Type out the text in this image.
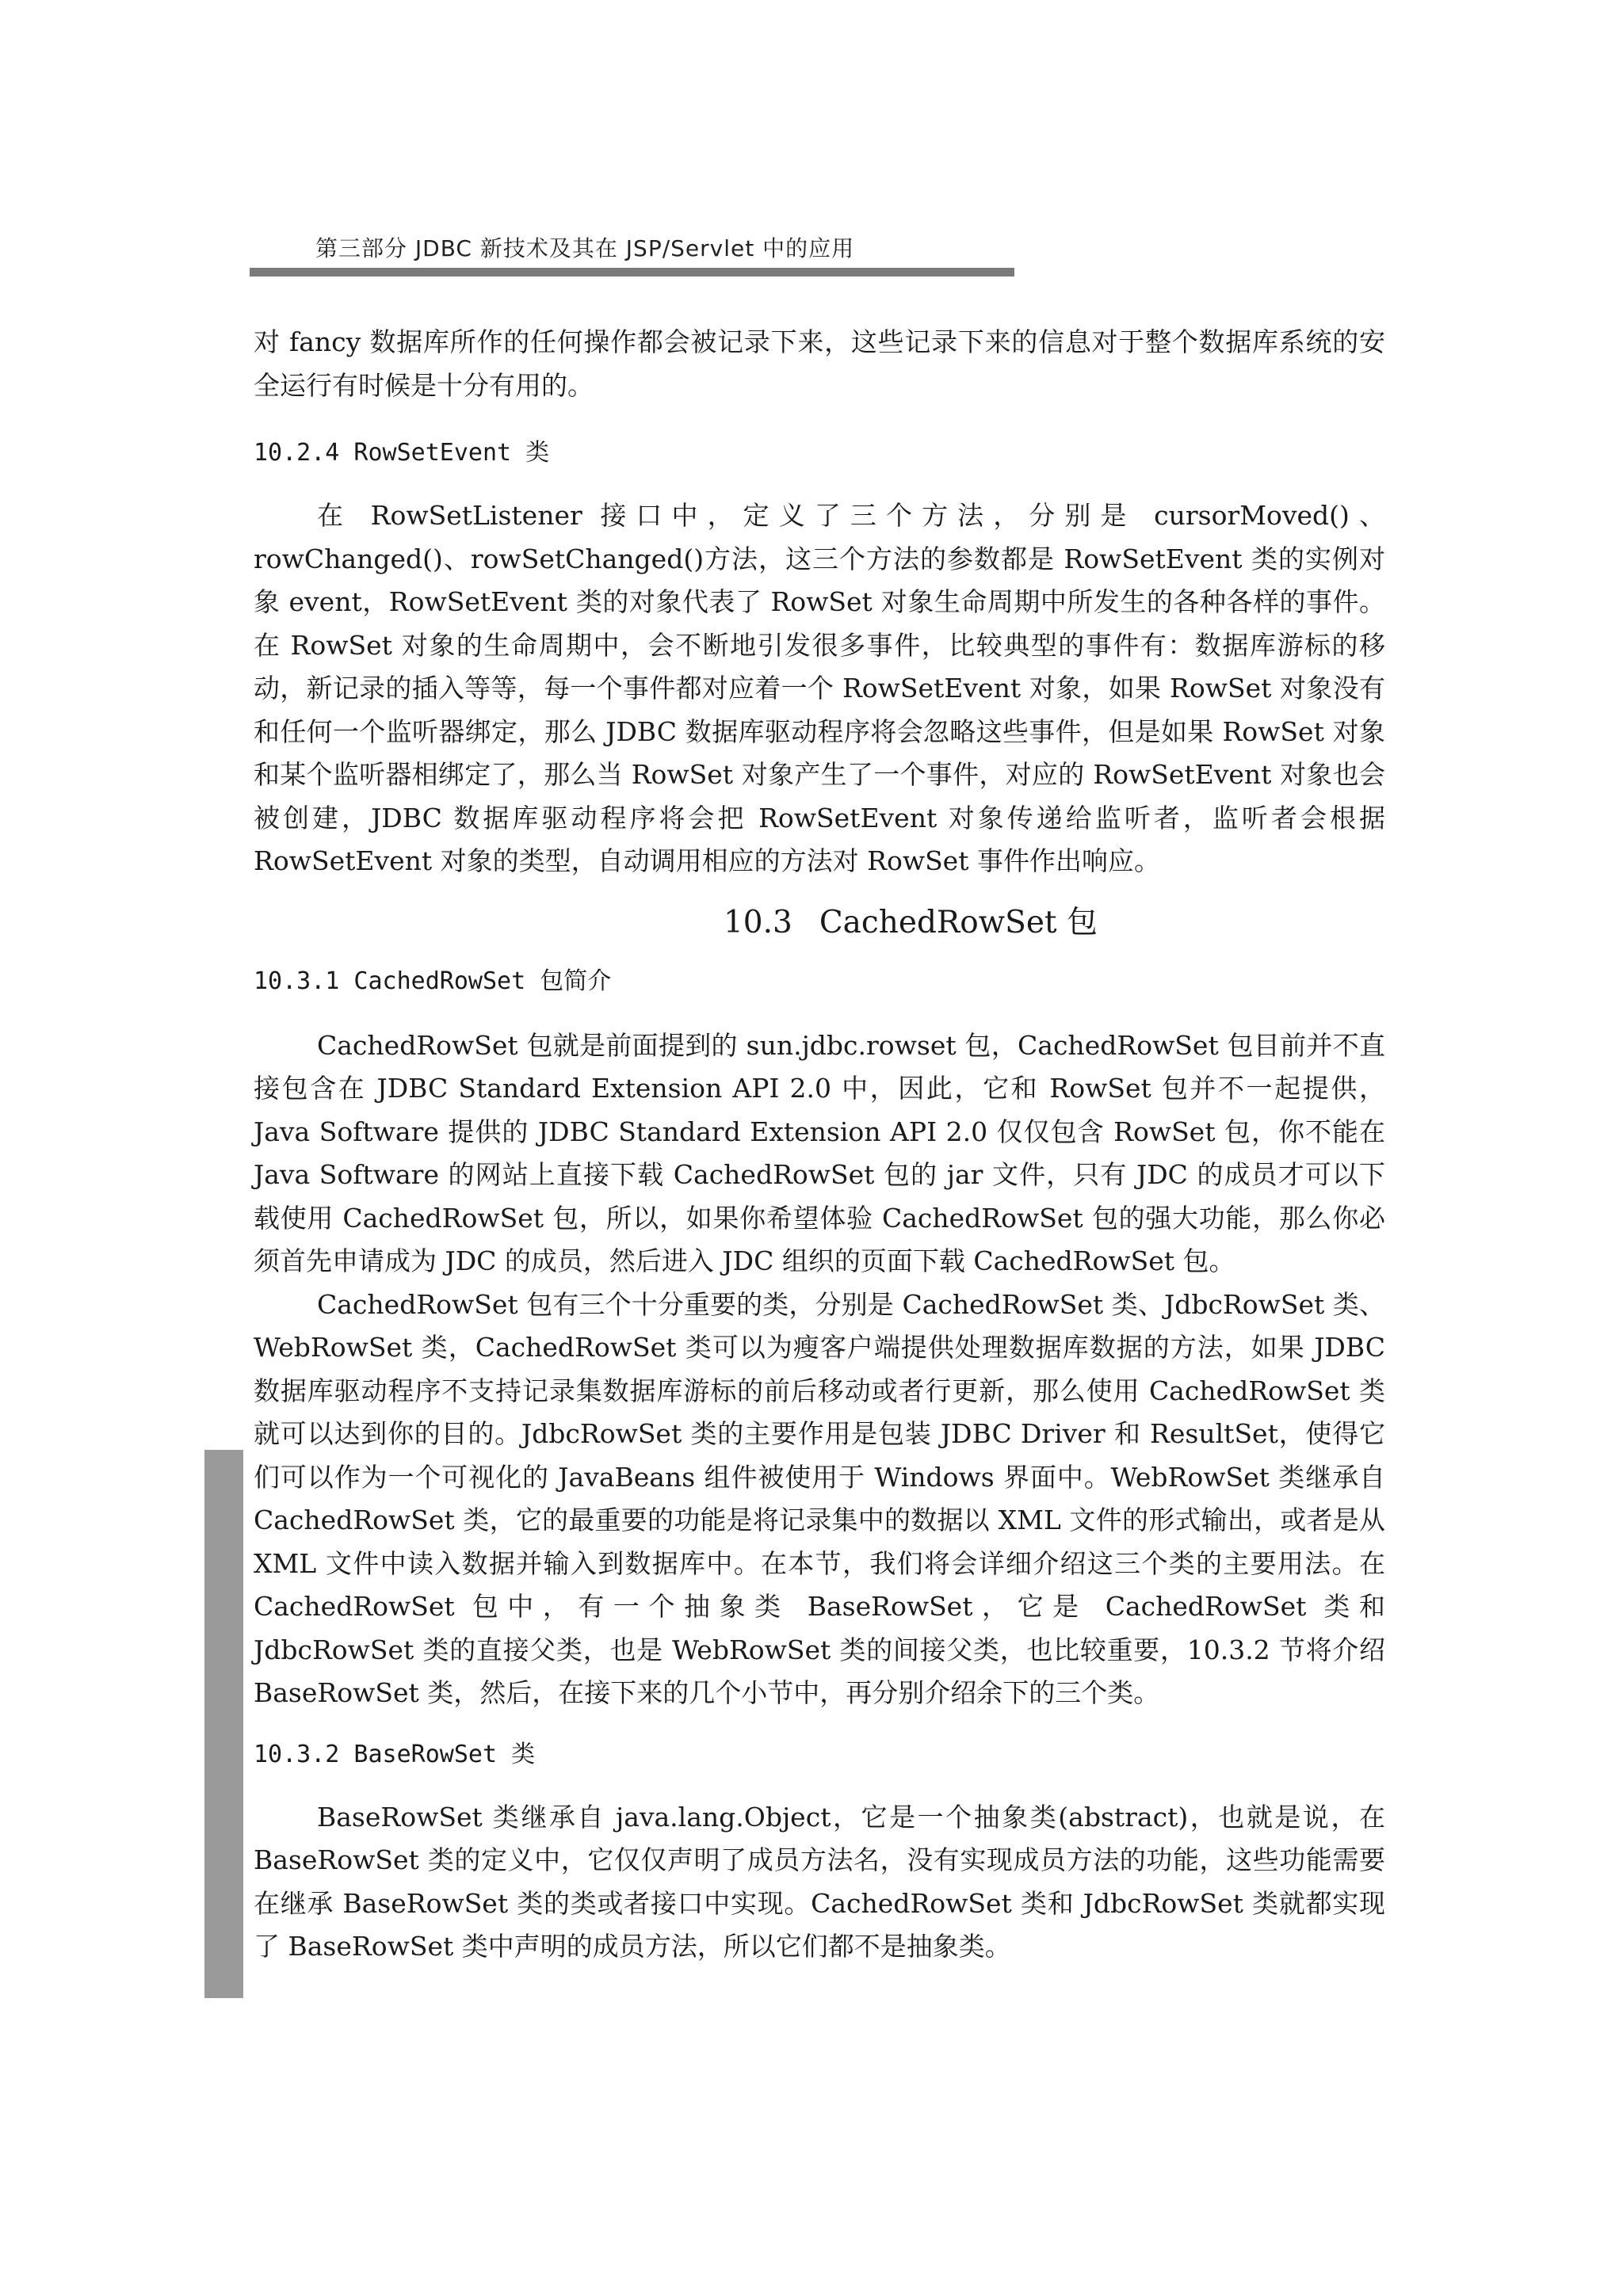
第三部分 JDBC 新技术及其在 JSP/Servlet 中的应用

对 fancy 数据库所作的任何操作都会被记录下来，这些记录下来的信息对于整个数据库系统的安全运行有时候是十分有用的。

10.2.4 RowSetEvent 类

在 RowSetListener 接口中，定义了三个方法，分别是 cursorMoved()、rowChanged()、rowSetChanged()方法，这三个方法的参数都是 RowSetEvent 类的实例对象 event，RowSetEvent 类的对象代表了 RowSet 对象生命周期中所发生的各种各样的事件。在 RowSet 对象的生命周期中，会不断地引发很多事件，比较典型的事件有：数据库游标的移动，新记录的插入等等，每一个事件都对应着一个 RowSetEvent 对象，如果 RowSet 对象没有和任何一个监听器绑定，那么 JDBC 数据库驱动程序将会忽略这些事件，但是如果 RowSet 对象和某个监听器相绑定了，那么当 RowSet 对象产生了一个事件，对应的 RowSetEvent 对象也会被创建，JDBC 数据库驱动程序将会把 RowSetEvent 对象传递给监听者，监听者会根据 RowSetEvent 对象的类型，自动调用相应的方法对 RowSet 事件作出响应。

10.3 CachedRowSet 包
10.3.1 CachedRowSet 包简介

CachedRowSet 包就是前面提到的 sun.jdbc.rowset 包，CachedRowSet 包目前并不直接包含在 JDBC Standard Extension API 2.0 中，因此，它和 RowSet 包并不一起提供，Java Software 提供的 JDBC Standard Extension API 2.0 仅仅包含 RowSet 包，你不能在 Java Software 的网站上直接下载 CachedRowSet 包的 jar 文件，只有 JDC 的成员才可以下载使用 CachedRowSet 包，所以，如果你希望体验 CachedRowSet 包的强大功能，那么你必须首先申请成为 JDC 的成员，然后进入 JDC 组织的页面下载 CachedRowSet 包。

CachedRowSet 包有三个十分重要的类，分别是 CachedRowSet 类、JdbcRowSet 类、WebRowSet 类，CachedRowSet 类可以为瘦客户端提供处理数据库数据的方法，如果 JDBC 数据库驱动程序不支持记录集数据库游标的前后移动或者行更新，那么使用 CachedRowSet 类就可以达到你的目的。JdbcRowSet 类的主要作用是包装 JDBC Driver 和 ResultSet，使得它们可以作为一个可视化的 JavaBeans 组件被使用于 Windows 界面中。WebRowSet 类继承自 CachedRowSet 类，它的最重要的功能是将记录集中的数据以 XML 文件的形式输出，或者是从 XML 文件中读入数据并输入到数据库中。在本节，我们将会详细介绍这三个类的主要用法。在 CachedRowSet 包中，有一个抽象类 BaseRowSet，它是 CachedRowSet 类和 JdbcRowSet 类的直接父类，也是 WebRowSet 类的间接父类，也比较重要，10.3.2 节将介绍 BaseRowSet 类，然后，在接下来的几个小节中，再分别介绍余下的三个类。

10.3.2 BaseRowSet 类

BaseRowSet 类继承自 java.lang.Object，它是一个抽象类(abstract)，也就是说，在 BaseRowSet 类的定义中，它仅仅声明了成员方法名，没有实现成员方法的功能，这些功能需要在继承 BaseRowSet 类的类或者接口中实现。CachedRowSet 类和 JdbcRowSet 类就都实现了 BaseRowSet 类中声明的成员方法，所以它们都不是抽象类。
